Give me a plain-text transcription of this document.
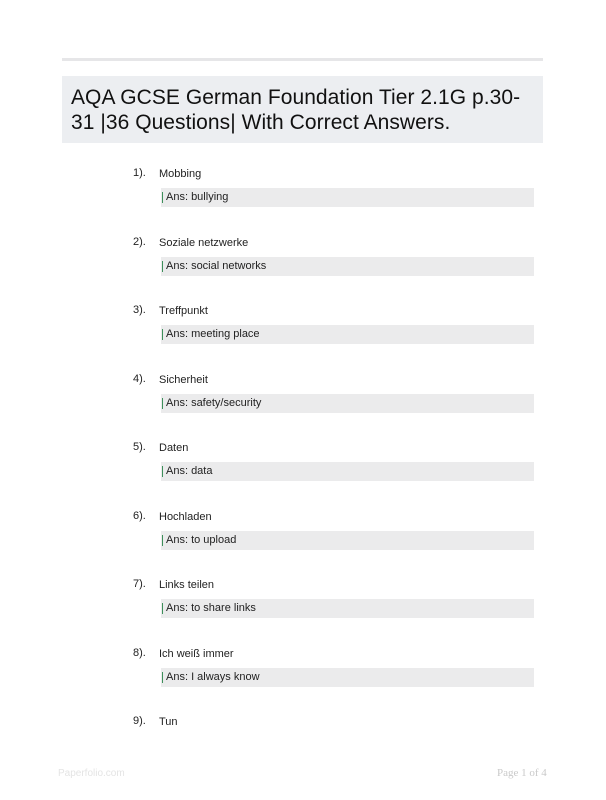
AQA GCSE German Foundation Tier 2.1G p.30-31 |36 Questions| With Correct Answers.
1). Mobbing
Ans: bullying
2). Soziale netzwerke
Ans: social networks
3). Treffpunkt
Ans: meeting place
4). Sicherheit
Ans: safety/security
5). Daten
Ans: data
6). Hochladen
Ans: to upload
7). Links teilen
Ans: to share links
8). Ich weiß immer
Ans: I always know
9). Tun
Paperfolio.com	Page 1 of 4
